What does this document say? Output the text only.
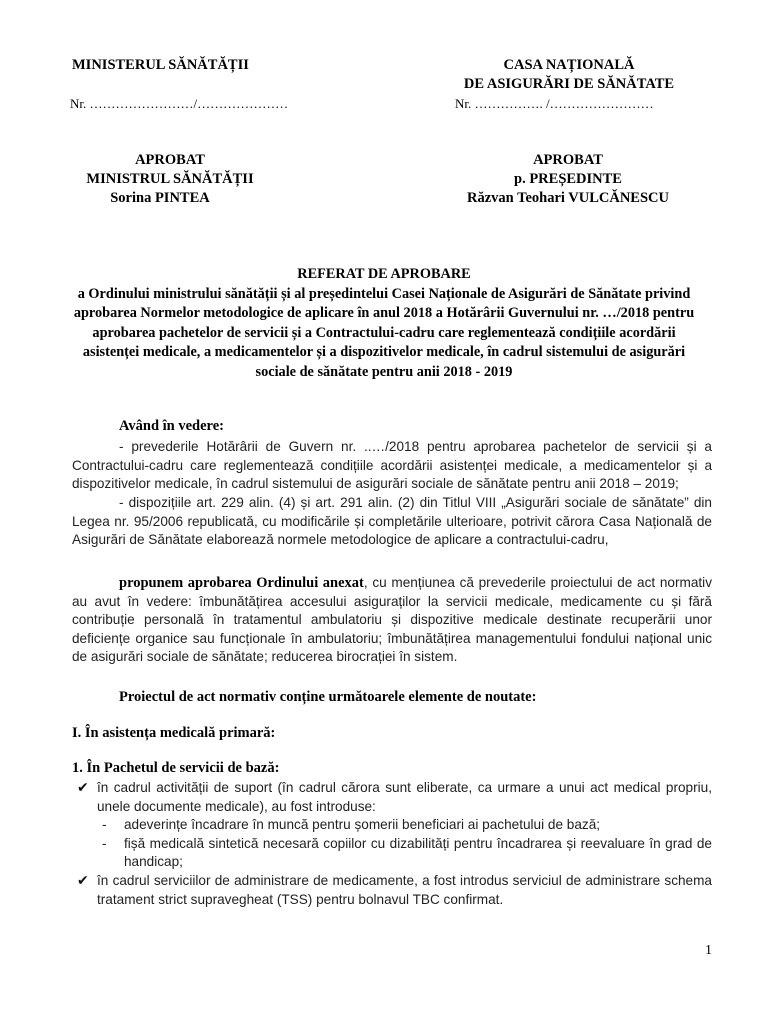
MINISTERUL SĂNĂTĂȚII
Nr. ……………………/…………………
CASA NAȚIONALĂ
DE ASIGURĂRI DE SĂNĂTATE
Nr. ……………. /……………………
APROBAT
MINISTRUL SĂNĂTĂȚII
Sorina PINTEA
APROBAT
p. PREȘEDINTE
Răzvan Teohari VULCĂNESCU
REFERAT DE APROBARE
a Ordinului ministrului sănătății și al președintelui Casei Naționale de Asigurări de Sănătate privind
aprobarea Normelor metodologice de aplicare în anul 2018 a Hotărârii Guvernului nr. …/2018 pentru
aprobarea pachetelor de servicii și a Contractului-cadru care reglementează condițiile acordării
asistenței medicale, a medicamentelor și a dispozitivelor medicale, în cadrul sistemului de asigurări
sociale de sănătate pentru anii 2018 - 2019
Având în vedere:
- prevederile Hotărârii de Guvern nr. ..…/2018 pentru aprobarea pachetelor de servicii și a Contractului-cadru care reglementează condițiile acordării asistenței medicale, a medicamentelor și a dispozitivelor medicale, în cadrul sistemului de asigurări sociale de sănătate pentru anii 2018 – 2019;
- dispozițiile art. 229 alin. (4) și art. 291 alin. (2) din Titlul VIII „Asigurări sociale de sănătate” din Legea nr. 95/2006 republicată, cu modificările și completările ulterioare, potrivit cărora Casa Națională de Asigurări de Sănătate elaborează normele metodologice de aplicare a contractului-cadru,
propunem aprobarea Ordinului anexat, cu mențiunea că prevederile proiectului de act normativ au avut în vedere: îmbunătățirea accesului asiguraților la servicii medicale, medicamente cu și fără contribuție personală în tratamentul ambulatoriu și dispozitive medicale destinate recuperării unor deficiențe organice sau funcționale în ambulatoriu; îmbunătățirea managementului fondului național unic de asigurări sociale de sănătate; reducerea birocrației în sistem.
Proiectul de act normativ conține următoarele elemente de noutate:
I. În asistența medicală primară:
1. În Pachetul de servicii de bază:
✔ în cadrul activității de suport (în cadrul cărora sunt eliberate, ca urmare a unui act medical propriu, unele documente medicale), au fost introduse:
- adeverințe încadrare în muncă pentru șomerii beneficiari ai pachetului de bază;
- fișă medicală sintetică necesară copiilor cu dizabilități pentru încadrarea și reevaluare în grad de handicap;
✔ în cadrul serviciilor de administrare de medicamente, a fost introdus serviciul de administrare schema tratament strict supravegheat (TSS) pentru bolnavul TBC confirmat.
1
